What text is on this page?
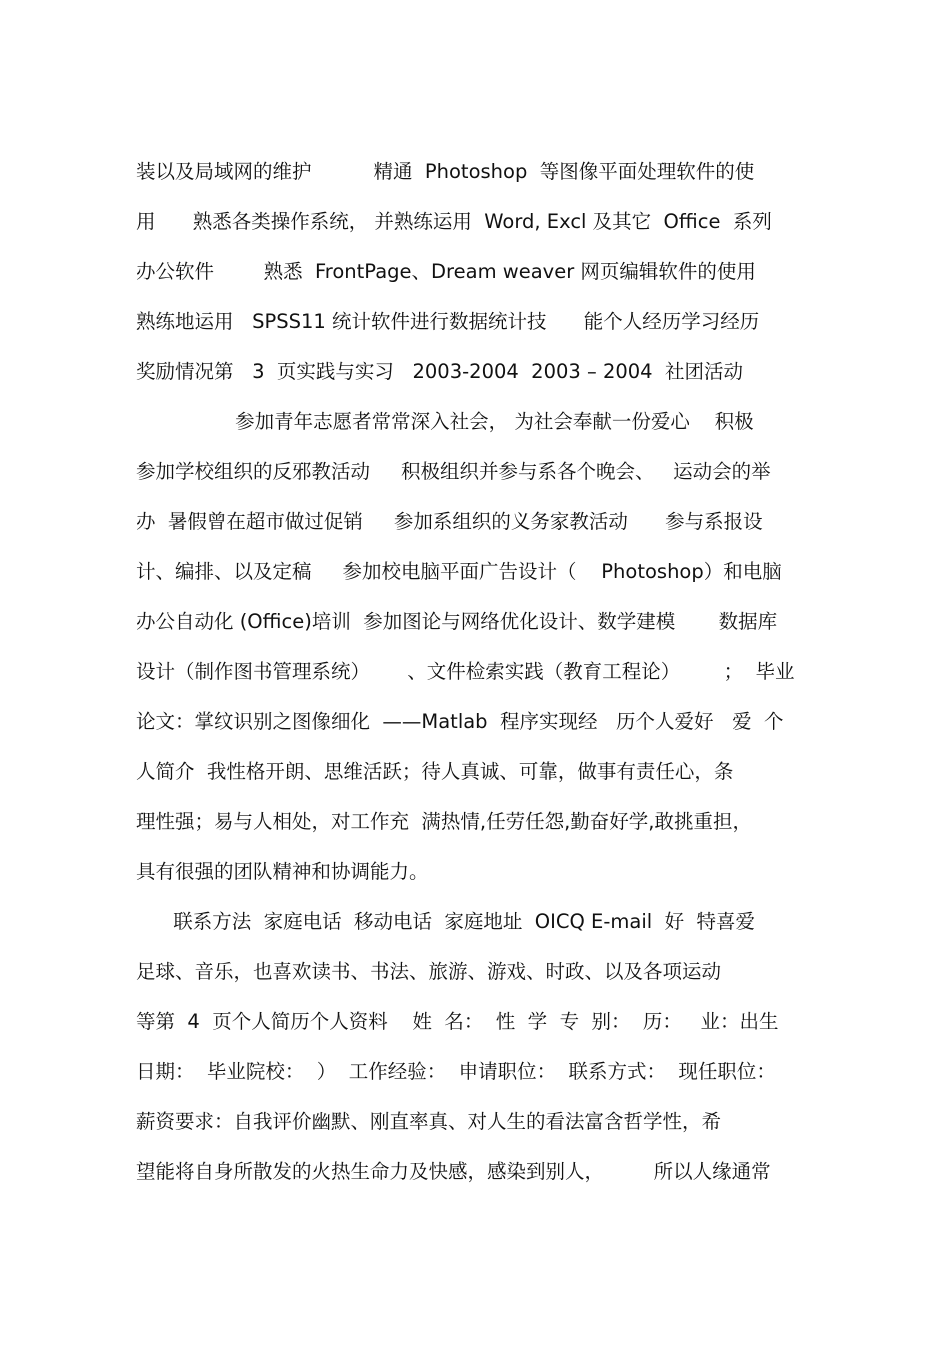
装以及局域网的维护          精通  Photoshop  等图像平面处理软件的使
用      熟悉各类操作系统， 并熟练运用  Word, Excl 及其它  Office  系列
办公软件        熟悉  FrontPage、Dream weaver 网页编辑软件的使用
熟练地运用   SPSS11 统计软件进行数据统计技      能个人经历学习经历
奖励情况第   3  页实践与实习   2003-2004  2003 – 2004  社团活动
参加青年志愿者常常深入社会， 为社会奉献一份爱心    积极
参加学校组织的反邪教活动     积极组织并参与系各个晚会、   运动会的举
办  暑假曾在超市做过促销     参加系组织的义务家教活动      参与系报设
计、编排、以及定稿     参加校电脑平面广告设计（    Photoshop）和电脑
办公自动化 (Office)培训  参加图论与网络优化设计、数学建模       数据库
设计（制作图书管理系统）      、文件检索实践（教育工程论）       ；  毕业
论文：掌纹识别之图像细化  ——Matlab  程序实现经   历个人爱好   爱  个
人简介  我性格开朗、思维活跃；待人真诚、可靠，做事有责任心，条
理性强；易与人相处，对工作充  满热情,任劳任怨,勤奋好学,敢挑重担，
具有很强的团队精神和协调能力。
联系方法  家庭电话  移动电话  家庭地址  OICQ E-mail  好  特喜爱
足球、音乐，也喜欢读书、书法、旅游、游戏、时政、以及各项运动
等第  4  页个人简历个人资料    姓  名：  性  学  专  别：  历：   业：出生
日期：  毕业院校：  ）  工作经验：  申请职位：  联系方式：  现任职位：
薪资要求：自我评价幽默、刚直率真、对人生的看法富含哲学性，希
望能将自身所散发的火热生命力及快感，感染到别人，        所以人缘通常
